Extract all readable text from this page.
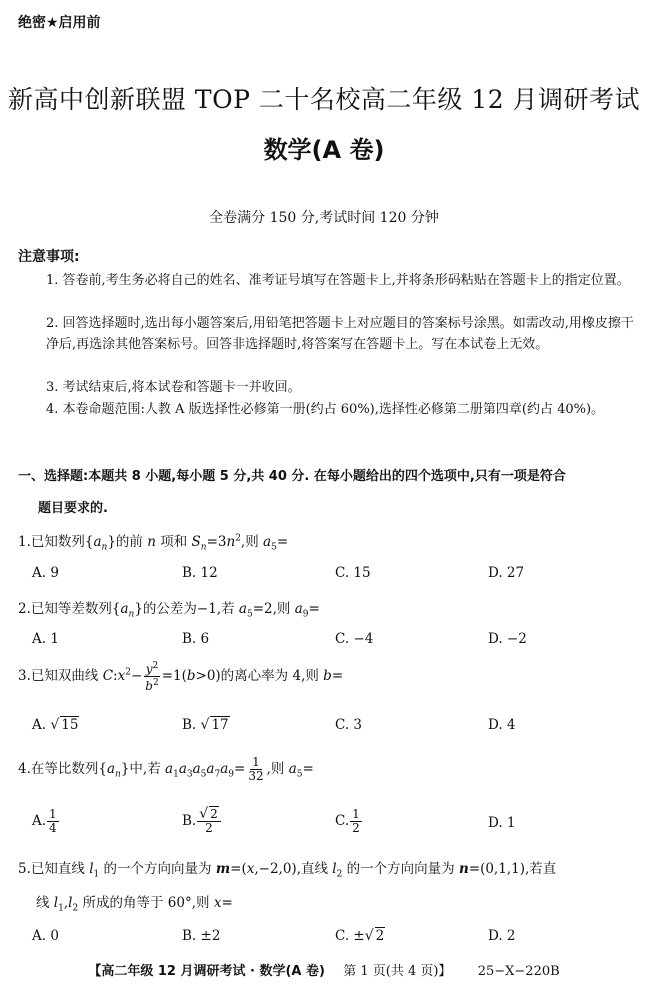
绝密★启用前
新高中创新联盟 TOP 二十名校高二年级 12 月调研考试
数学(A 卷)
全卷满分 150 分,考试时间 120 分钟
注意事项:
1. 答卷前,考生务必将自己的姓名、准考证号填写在答题卡上,并将条形码粘贴在答题卡上的指定位置。
2. 回答选择题时,选出每小题答案后,用铅笔把答题卡上对应题目的答案标号涂黑。如需改动,用橡皮擦干净后,再选涂其他答案标号。回答非选择题时,将答案写在答题卡上。写在本试卷上无效。
3. 考试结束后,将本试卷和答题卡一并收回。
4. 本卷命题范围:人教 A 版选择性必修第一册(约占 60%),选择性必修第二册第四章(约占 40%)。
一、选择题:本题共 8 小题,每小题 5 分,共 40 分. 在每小题给出的四个选项中,只有一项是符合
题目要求的.
1.已知数列$\{a_n\}$的前 n 项和 $S_n=3n^2$,则 $a_5=$
A. 9	B. 12	C. 15	D. 27
2.已知等差数列$\{a_n\}$的公差为−1,若 $a_5=2$,则 $a_9=$
A. 1	B. 6	C. −4	D. −2
3.已知双曲线 $C:x^2- \frac{y^2}{b^2} =1(b>0)$的离心率为 4,则 b=
A. √ 15	B. √ 17	C. 3	D. 4
4.在等比数列$\{a_n\}$中,若 $a_1a_3a_5a_7a_9= \frac{1}{32}$ ,则 $a_5=$
A. $\frac{1}{4}$	B. $\frac{√ 2}{2}$	C. $\frac{1}{2}$	D. 1
5.已知直线 $l_1$ 的一个方向向量为 m=(x,−2,0),直线 $l_2$ 的一个方向向量为 n=(0,1,1),若直
线 $l_1,l_2$ 所成的角等于 60°,则 x=
A. 0	B. ±2	C. ±√ 2	D. 2
【高二年级 12 月调研考试 · 数学(A 卷) 第 1 页(共 4 页)】 25−X−220B
